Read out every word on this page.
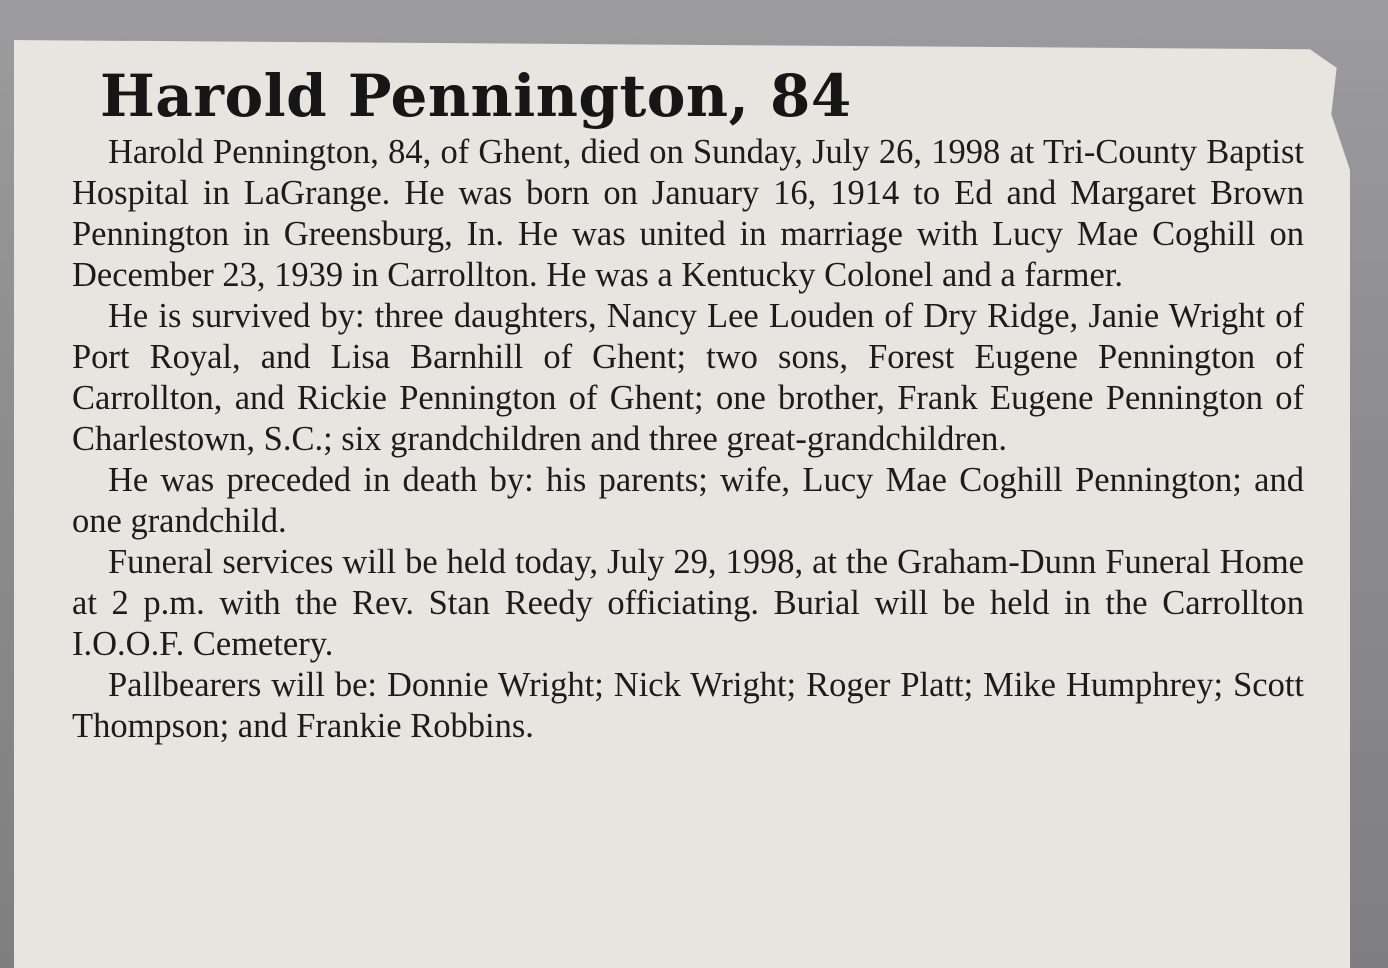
Harold Pennington, 84

Harold Pennington, 84, of Ghent, died on Sunday, July 26, 1998 at Tri-County Baptist Hospital in LaGrange. He was born on January 16, 1914 to Ed and Margaret Brown Pennington in Greensburg, In. He was united in marriage with Lucy Mae Coghill on December 23, 1939 in Carrollton. He was a Kentucky Colonel and a farmer.

He is survived by: three daughters, Nancy Lee Louden of Dry Ridge, Janie Wright of Port Royal, and Lisa Barnhill of Ghent; two sons, Forest Eugene Pennington of Carrollton, and Rickie Pennington of Ghent; one brother, Frank Eugene Pennington of Charlestown, S.C.; six grandchildren and three great-grandchildren.

He was preceded in death by: his parents; wife, Lucy Mae Coghill Pennington; and one grandchild.

Funeral services will be held today, July 29, 1998, at the Graham-Dunn Funeral Home at 2 p.m. with the Rev. Stan Reedy officiating. Burial will be held in the Carrollton I.O.O.F. Cemetery.

Pallbearers will be: Donnie Wright; Nick Wright; Roger Platt; Mike Humphrey; Scott Thompson; and Frankie Robbins.
